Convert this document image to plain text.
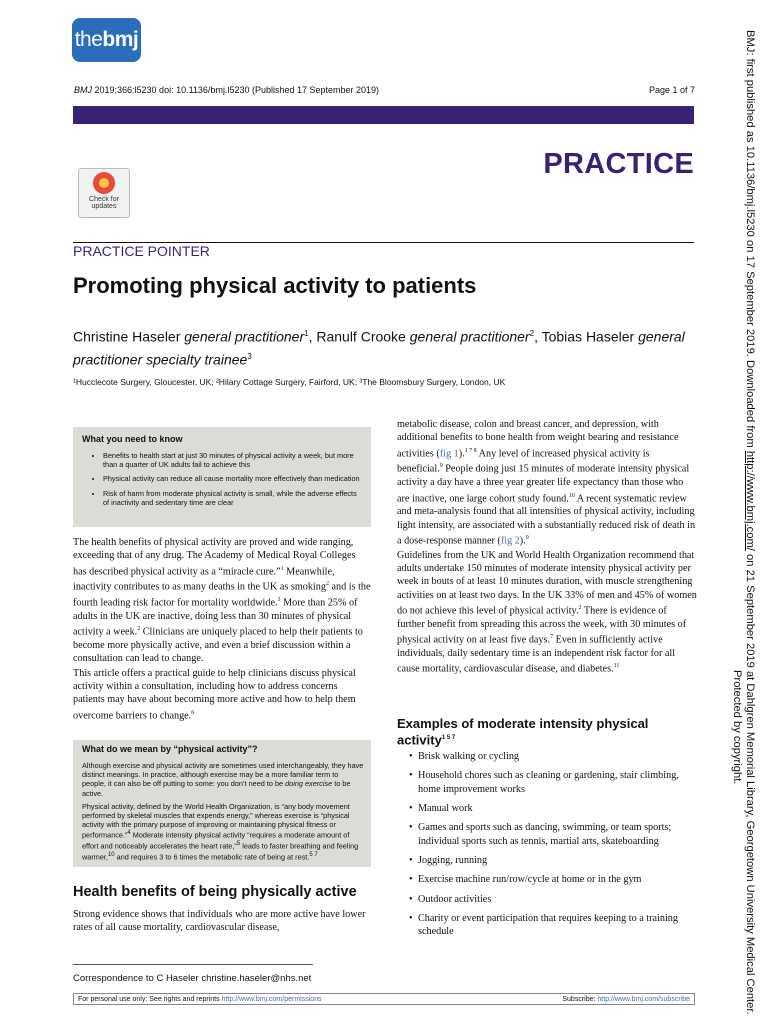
the bmj
BMJ 2019;366:l5230 doi: 10.1136/bmj.l5230 (Published 17 September 2019)	Page 1 of 7
PRACTICE
Check for
updates
PRACTICE POINTER
Promoting physical activity to patients
Christine Haseler general practitioner$^1$, Ranulf Crooke general practitioner$^2$, Tobias Haseler general practitioner specialty trainee$^3$
¹Hucclecote Surgery, Gloucester, UK; ²Hilary Cottage Surgery, Fairford, UK; ³The Bloomsbury Surgery, London, UK
What you need to know
• Benefits to health start at just 30 minutes of physical activity a week, but more than a quarter of UK adults fail to achieve this
• Physical activity can reduce all cause mortality more effectively than medication
• Risk of harm from moderate physical activity is small, while the adverse effects of inactivity and sedentary time are clear

The health benefits of physical activity are proved and wide ranging, exceeding that of any drug. The Academy of Medical Royal Colleges has described physical activity as a “miracle cure.”$^1$ Meanwhile, inactivity contributes to as many deaths in the UK as smoking$^2$ and is the fourth leading risk factor for mortality worldwide.$^3$ More than 25% of adults in the UK are inactive, doing less than 30 minutes of physical activity a week.$^2$ Clinicians are uniquely placed to help their patients to become more physically active, and even a brief discussion within a consultation can lead to change.

This article offers a practical guide to help clinicians discuss physical activity within a consultation, including how to address concerns patients may have about becoming more active and how to help them overcome barriers to change.$^6$

What do we mean by “physical activity”?

Although exercise and physical activity are sometimes used interchangeably, they have distinct meanings. In practice, although exercise may be a more familiar term to people, it can also be off putting to some: you don’t need to be doing exercise to be active.

Physical activity, defined by the World Health Organization, is “any body movement performed by skeletal muscles that expends energy,” whereas exercise is “physical activity with the primary purpose of improving or maintaining physical fitness or performance.”$^4$ Moderate intensity physical activity “requires a moderate amount of effort and noticeably accelerates the heart rate,”$^5$ leads to faster breathing and feeling warmer,$^{10}$ and requires 3 to 6 times the metabolic rate of being at rest.$^{5 7}$

Health benefits of being physically active
Strong evidence shows that individuals who are more active have lower rates of all cause mortality, cardiovascular disease,

metabolic disease, colon and breast cancer, and depression, with additional benefits to bone health from weight bearing and resistance activities (fig 1).$^{1 7 8}$ Any level of increased physical activity is beneficial.$^9$ People doing just 15 minutes of moderate intensity physical activity a day have a three year greater life expectancy than those who are inactive, one large cohort study found.$^{10}$ A recent systematic review and meta-analysis found that all intensities of physical activity, including light intensity, are associated with a substantially reduced risk of death in a dose-response manner (fig 2).$^9$

Guidelines from the UK and World Health Organization recommend that adults undertake 150 minutes of moderate intensity physical activity per week in bouts of at least 10 minutes duration, with muscle strengthening activities on at least two days. In the UK 33% of men and 45% of women do not achieve this level of physical activity.$^2$ There is evidence of further benefit from spreading this across the week, with 30 minutes of physical activity on at least five days.$^7$ Even in sufficiently active individuals, daily sedentary time is an independent risk factor for all cause mortality, cardiovascular disease, and diabetes.$^{11}$

Examples of moderate intensity physical activity$^{1 5 7}$
• Brisk walking or cycling
• Household chores such as cleaning or gardening, stair climbing, home improvement works
• Manual work
• Games and sports such as dancing, swimming, or team sports; individual sports such as tennis, martial arts, skateboarding
• Jogging, running
• Exercise machine run/row/cycle at home or in the gym
• Outdoor activities
• Charity or event participation that requires keeping to a training schedule
Correspondence to C Haseler christine.haseler@nhs.net
For personal use only: See rights and reprints http://www.bmj.com/permissions	Subscribe: http://www.bmj.com/subscribe
BMJ: first published as 10.1136/bmj.l5230 on 17 September 2019. Downloaded from http://www.bmj.com/ on 21 September 2019 at Dahlgren Memorial Library, Georgetown University Medical Center.
Protected by copyright.
